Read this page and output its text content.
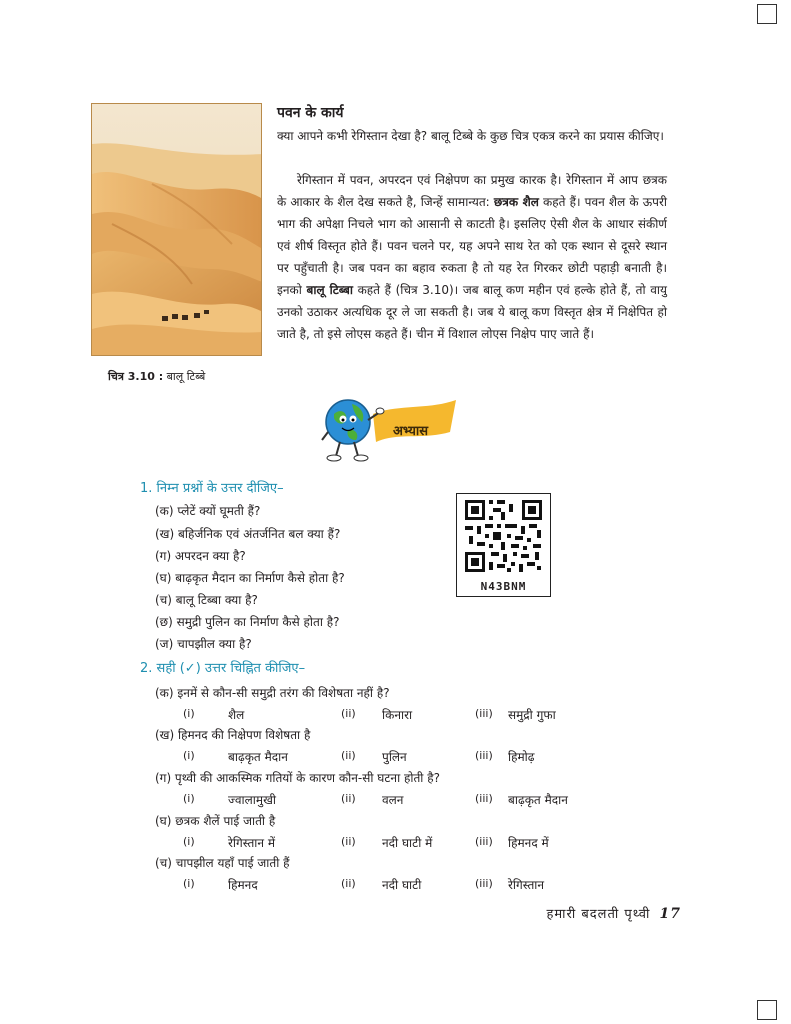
चित्र 3.10 : बालू टिब्बे
पवन के कार्य

क्या आपने कभी रेगिस्तान देखा है? बालू टिब्बे के कुछ चित्र एकत्र करने का प्रयास कीजिए।

रेगिस्तान में पवन, अपरदन एवं निक्षेपण का प्रमुख कारक है। रेगिस्तान में आप छत्रक के आकार के शैल देख सकते है, जिन्हें सामान्यत: छत्रक शैल कहते हैं। पवन शैल के ऊपरी भाग की अपेक्षा निचले भाग को आसानी से काटती है। इसलिए ऐसी शैल के आधार संकीर्ण एवं शीर्ष विस्तृत होते हैं। पवन चलने पर, यह अपने साथ रेत को एक स्थान से दूसरे स्थान पर पहुँचाती है। जब पवन का बहाव रुकता है तो यह रेत गिरकर छोटी पहाड़ी बनाती है। इनको बालू टिब्बा कहते हैं (चित्र 3.10)। जब बालू कण महीन एवं हल्के होते हैं, तो वायु उनको उठाकर अत्यधिक दूर ले जा सकती है। जब ये बालू कण विस्तृत क्षेत्र में निक्षेपित हो जाते है, तो इसे लोएस कहते हैं। चीन में विशाल लोएस निक्षेप पाए जाते हैं।

अभ्यास
1. निम्न प्रश्नों के उत्तर दीजिए–
(क) प्लेटें क्यों घूमती हैं?
(ख) बहिर्जनिक एवं अंतर्जनित बल क्या हैं?
(ग) अपरदन क्या है?
(घ) बाढ़कृत मैदान का निर्माण कैसे होता है?
(च) बालू टिब्बा क्या है?
(छ) समुद्री पुलिन का निर्माण कैसे होता है?
(ज) चापझील क्या है?
N43BNM
2. सही (✓) उत्तर चिह्नित कीजिए–
(क) इनमें से कौन-सी समुद्री तरंग की विशेषता नहीं है?
(i)	शैल	(ii) किनारा	(iii) समुद्री गुफा
(ख) हिमनद की निक्षेपण विशेषता है
(i)	बाढ़कृत मैदान	(ii) पुलिन	(iii) हिमोढ़
(ग) पृथ्वी की आकस्मिक गतियों के कारण कौन-सी घटना होती है?
(i)	ज्वालामुखी	(ii) वलन	(iii) बाढ़कृत मैदान
(घ) छत्रक शैलें पाई जाती है
(i)	रेगिस्तान में	(ii) नदी घाटी में	(iii) हिमनद में
(च) चापझील यहाँ पाई जाती हैं
(i)	हिमनद	(ii) नदी घाटी	(iii) रेगिस्तान
हमारी बदलती पृथ्वी 17
